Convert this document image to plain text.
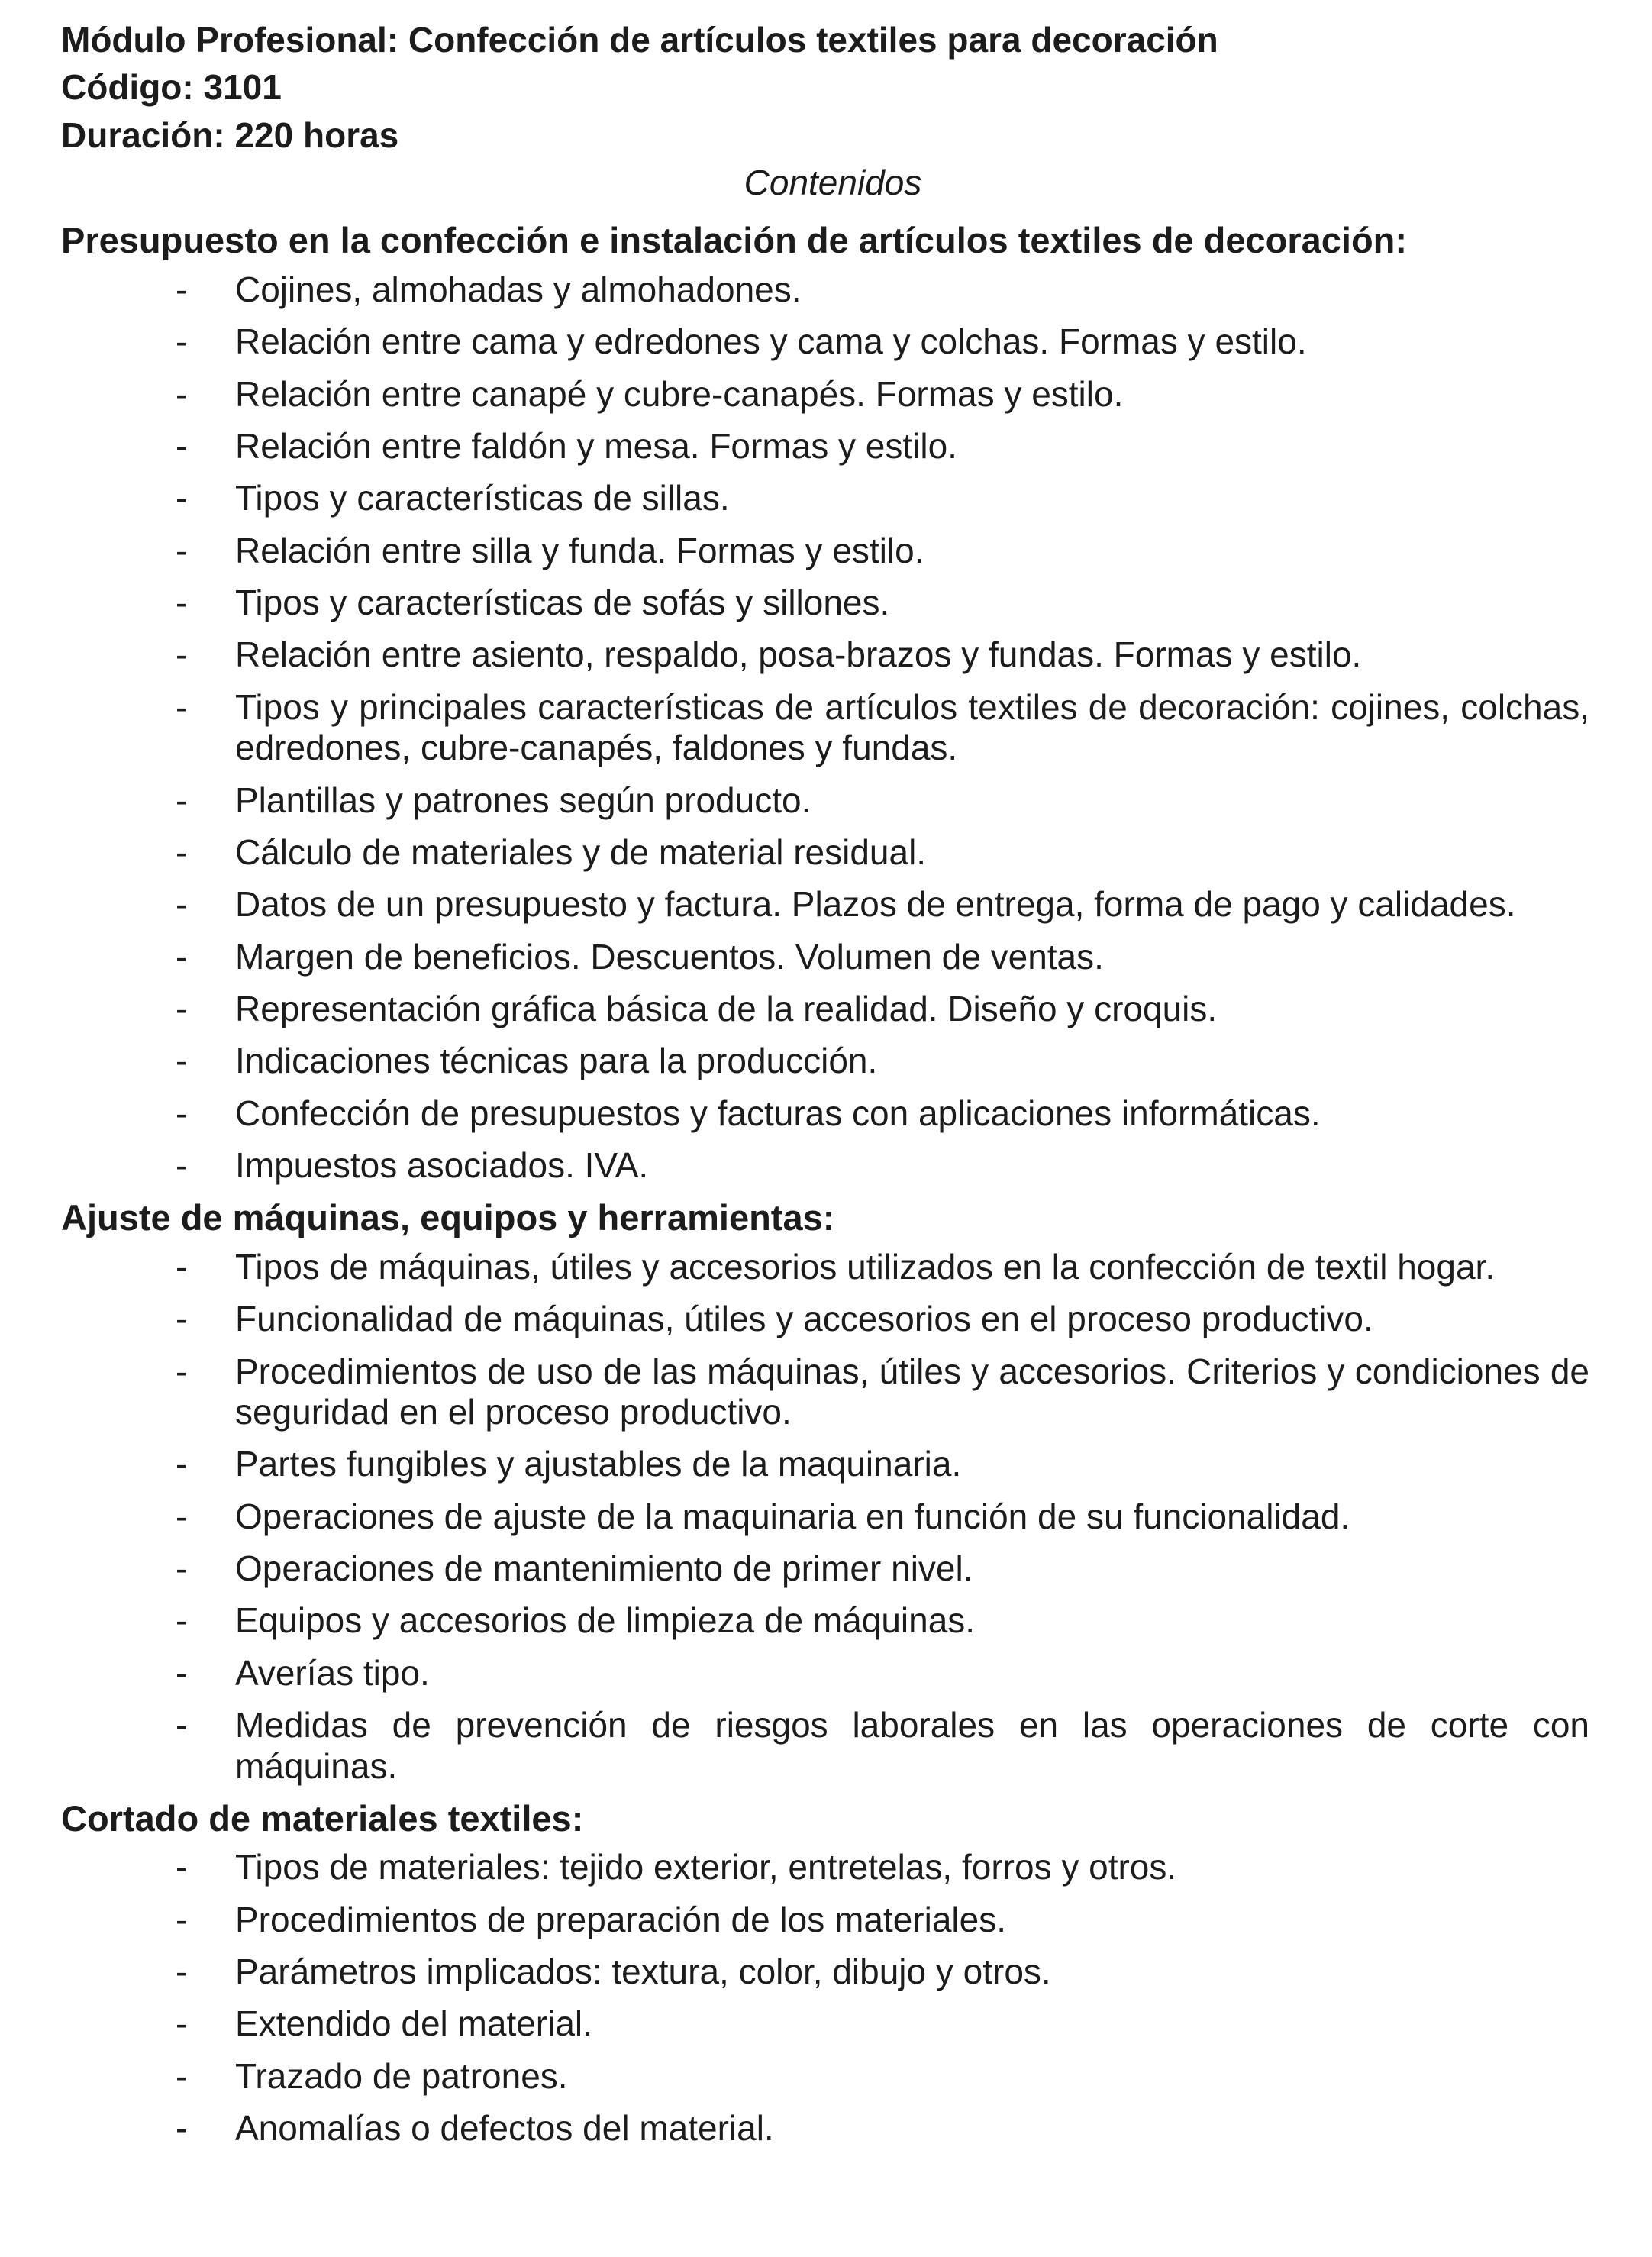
Módulo Profesional: Confección de artículos textiles para decoración

Código: 3101

Duración: 220 horas

Contenidos

Presupuesto en la confección e instalación de artículos textiles de decoración:
- Cojines, almohadas y almohadones.
- Relación entre cama y edredones y cama y colchas. Formas y estilo.
- Relación entre canapé y cubre-canapés. Formas y estilo.
- Relación entre faldón y mesa. Formas y estilo.
- Tipos y características de sillas.
- Relación entre silla y funda. Formas y estilo.
- Tipos y características de sofás y sillones.
- Relación entre asiento, respaldo, posa-brazos y fundas. Formas y estilo.
- Tipos y principales características de artículos textiles de decoración: cojines, colchas, edredones, cubre-canapés, faldones y fundas.
- Plantillas y patrones según producto.
- Cálculo de materiales y de material residual.
- Datos de un presupuesto y factura. Plazos de entrega, forma de pago y calidades.
- Margen de beneficios. Descuentos. Volumen de ventas.
- Representación gráfica básica de la realidad. Diseño y croquis.
- Indicaciones técnicas para la producción.
- Confección de presupuestos y facturas con aplicaciones informáticas.
- Impuestos asociados. IVA.
Ajuste de máquinas, equipos y herramientas:
- Tipos de máquinas, útiles y accesorios utilizados en la confección de textil hogar.
- Funcionalidad de máquinas, útiles y accesorios en el proceso productivo.
- Procedimientos de uso de las máquinas, útiles y accesorios. Criterios y condiciones de seguridad en el proceso productivo.
- Partes fungibles y ajustables de la maquinaria.
- Operaciones de ajuste de la maquinaria en función de su funcionalidad.
- Operaciones de mantenimiento de primer nivel.
- Equipos y accesorios de limpieza de máquinas.
- Averías tipo.
- Medidas de prevención de riesgos laborales en las operaciones de corte con máquinas.
Cortado de materiales textiles:
- Tipos de materiales: tejido exterior, entretelas, forros y otros.
- Procedimientos de preparación de los materiales.
- Parámetros implicados: textura, color, dibujo y otros.
- Extendido del material.
- Trazado de patrones.
- Anomalías o defectos del material.
